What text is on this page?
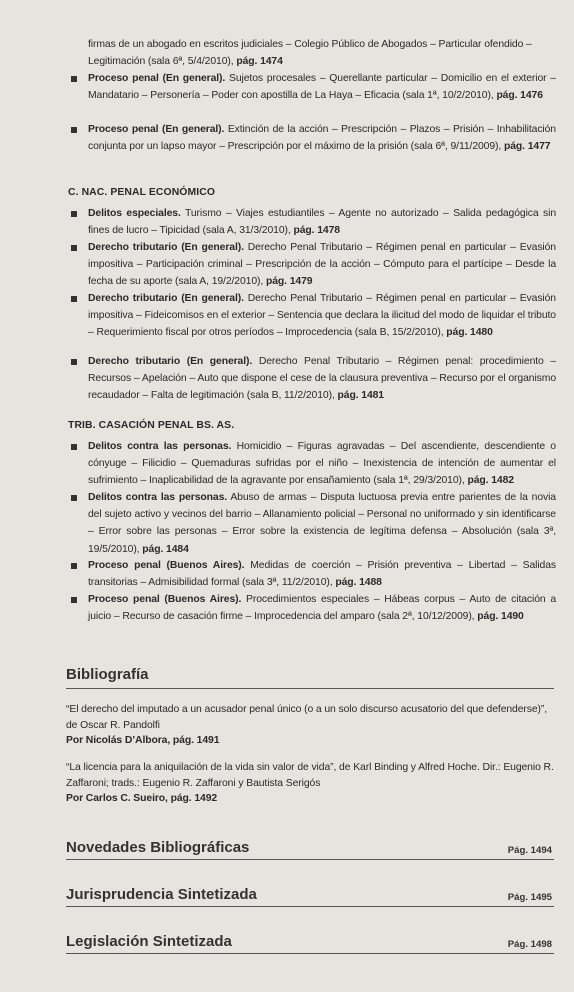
firmas de un abogado en escritos judiciales – Colegio Público de Abogados – Particular ofendido –
Legitimación (sala 6ª, 5/4/2010), pág. 1474
Proceso penal (En general). Sujetos procesales – Querellante particular – Domicilio en el exterior – Mandatario – Personería – Poder con apostilla de La Haya – Eficacia (sala 1ª, 10/2/2010), pág. 1476
Proceso penal (En general). Extinción de la acción – Prescripción – Plazos – Prisión – Inhabilitación conjunta por un lapso mayor – Prescripción por el máximo de la prisión (sala 6ª, 9/11/2009), pág. 1477
C. NAC. PENAL ECONÓMICO
Delitos especiales. Turismo – Viajes estudiantiles – Agente no autorizado – Salida pedagógica sin fines de lucro – Tipicidad (sala A, 31/3/2010), pág. 1478
Derecho tributario (En general). Derecho Penal Tributario – Régimen penal en particular – Evasión impositiva – Participación criminal – Prescripción de la acción – Cómputo para el partícipe – Desde la fecha de su aporte (sala A, 19/2/2010), pág. 1479
Derecho tributario (En general). Derecho Penal Tributario – Régimen penal en particular – Evasión impositiva – Fideicomisos en el exterior – Sentencia que declara la ilicitud del modo de liquidar el tributo – Requerimiento fiscal por otros períodos – Improcedencia (sala B, 15/2/2010), pág. 1480
Derecho tributario (En general). Derecho Penal Tributario – Régimen penal: procedimiento – Recursos – Apelación – Auto que dispone el cese de la clausura preventiva – Recurso por el organismo recaudador – Falta de legitimación (sala B, 11/2/2010), pág. 1481
TRIB. CASACIÓN PENAL BS. AS.
Delitos contra las personas. Homicidio – Figuras agravadas – Del ascendiente, descendiente o cónyuge – Filicidio – Quemaduras sufridas por el niño – Inexistencia de intención de aumentar el sufrimiento – Inaplicabilidad de la agravante por ensañamiento (sala 1ª, 29/3/2010), pág. 1482
Delitos contra las personas. Abuso de armas – Disputa luctuosa previa entre parientes de la novia del sujeto activo y vecinos del barrio – Allanamiento policial – Personal no uniformado y sin identificarse – Error sobre las personas – Error sobre la existencia de legítima defensa – Absolución (sala 3ª, 19/5/2010), pág. 1484
Proceso penal (Buenos Aires). Medidas de coerción – Prisión preventiva – Libertad – Salidas transitorias – Admisibilidad formal (sala 3ª, 11/2/2010), pág. 1488
Proceso penal (Buenos Aires). Procedimientos especiales – Hábeas corpus – Auto de citación a juicio – Recurso de casación firme – Improcedencia del amparo (sala 2ª, 10/12/2009), pág. 1490
Bibliografía
“El derecho del imputado a un acusador penal único (o a un solo discurso acusatorio del que defenderse)”, de Oscar R. Pandolfi
Por Nicolás D’Albora, pág. 1491
“La licencia para la aniquilación de la vida sin valor de vida”, de Karl Binding y Alfred Hoche. Dir.: Eugenio R. Zaffaroni; trads.: Eugenio R. Zaffaroni y Bautista Serigós
Por Carlos C. Sueiro, pág. 1492
Novedades Bibliográficas	Pág. 1494
Jurisprudencia Sintetizada	Pág. 1495
Legislación Sintetizada	Pág. 1498
